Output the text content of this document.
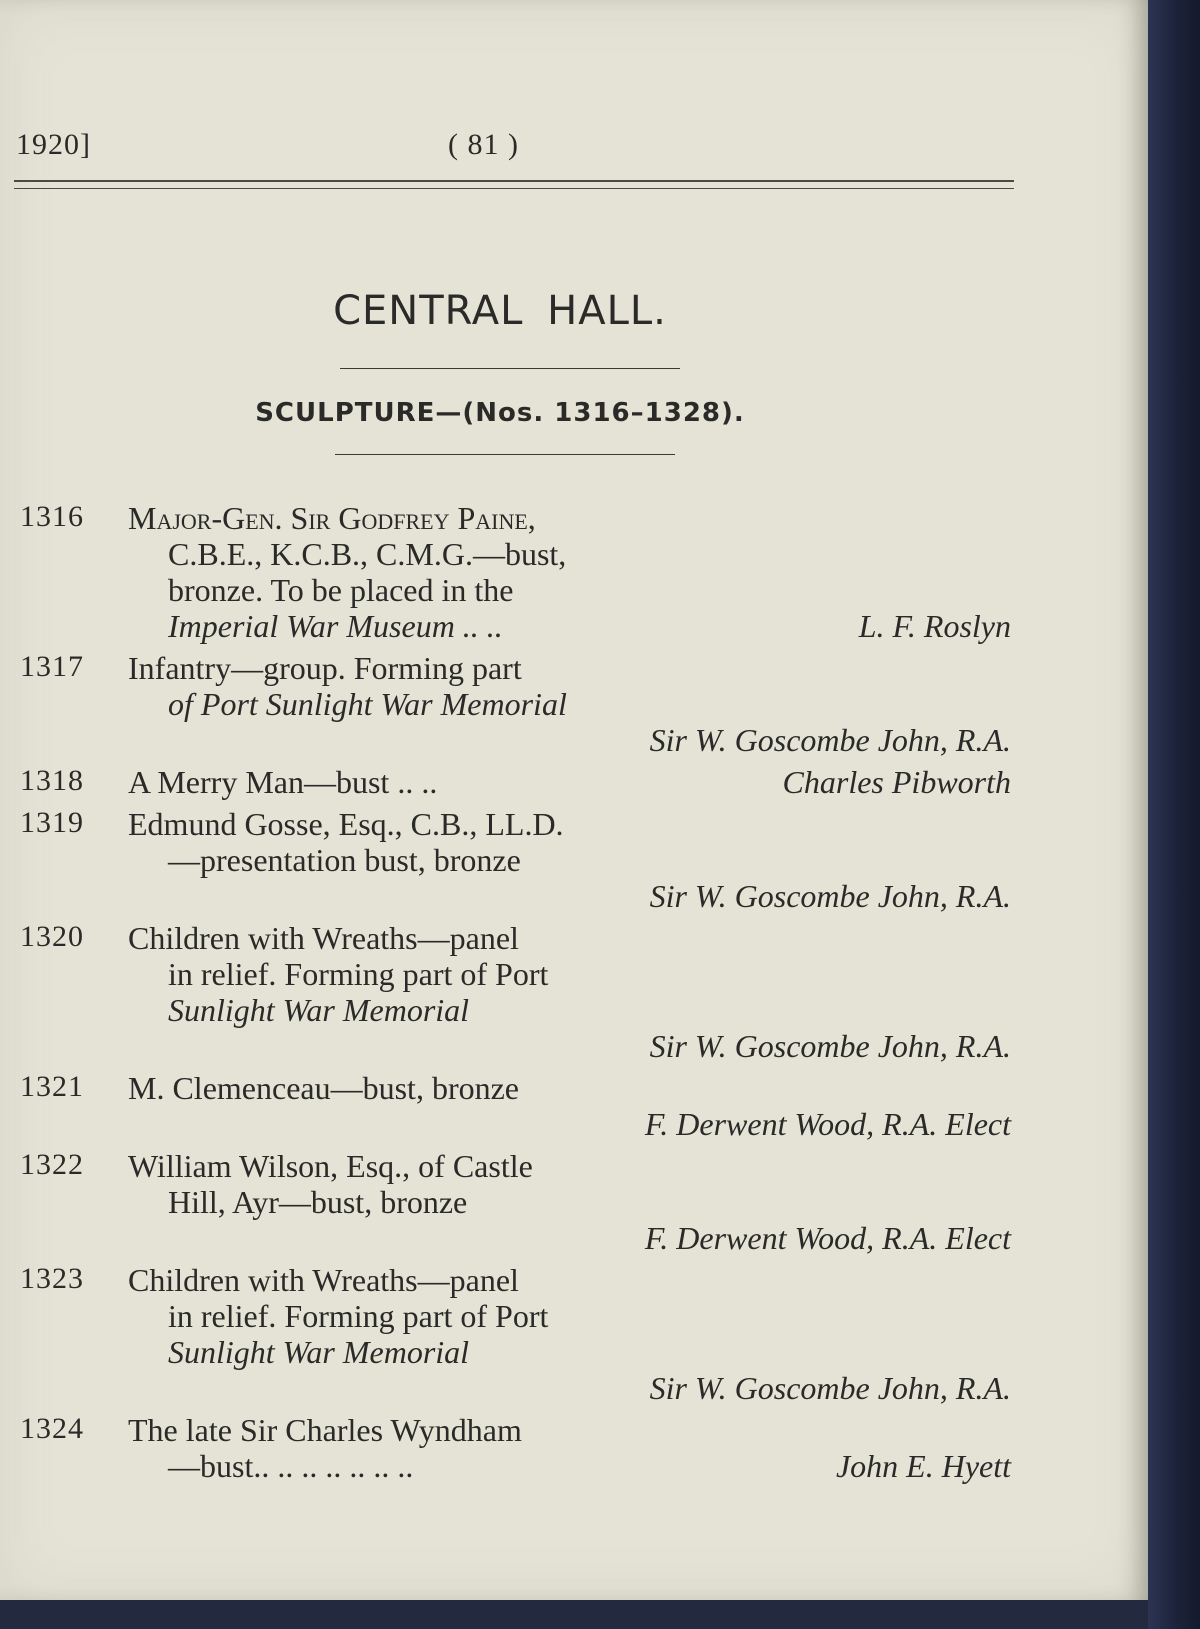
1920]	( 81 )
CENTRAL HALL.
SCULPTURE—(Nos. 1316–1328).
1316 Major-Gen. Sir Godfrey Paine,
C.B.E., K.C.B., C.M.G.—bust,
bronze. To be placed in the
Imperial War Museum .. ..	L. F. Roslyn
1317 Infantry—group. Forming part
of Port Sunlight War Memorial
Sir W. Goscombe John, R.A.
1318 A Merry Man—bust .. ..	Charles Pibworth
1319 Edmund Gosse, Esq., C.B., LL.D.
—presentation bust, bronze
Sir W. Goscombe John, R.A.
1320 Children with Wreaths—panel
in relief. Forming part of Port
Sunlight War Memorial
Sir W. Goscombe John, R.A.
1321 M. Clemenceau—bust, bronze
F. Derwent Wood, R.A. Elect
1322 William Wilson, Esq., of Castle
Hill, Ayr—bust, bronze
F. Derwent Wood, R.A. Elect
1323 Children with Wreaths—panel
in relief. Forming part of Port
Sunlight War Memorial
Sir W. Goscombe John, R.A.
1324 The late Sir Charles Wyndham
—bust.. .. .. .. .. .. ..	John E. Hyett
